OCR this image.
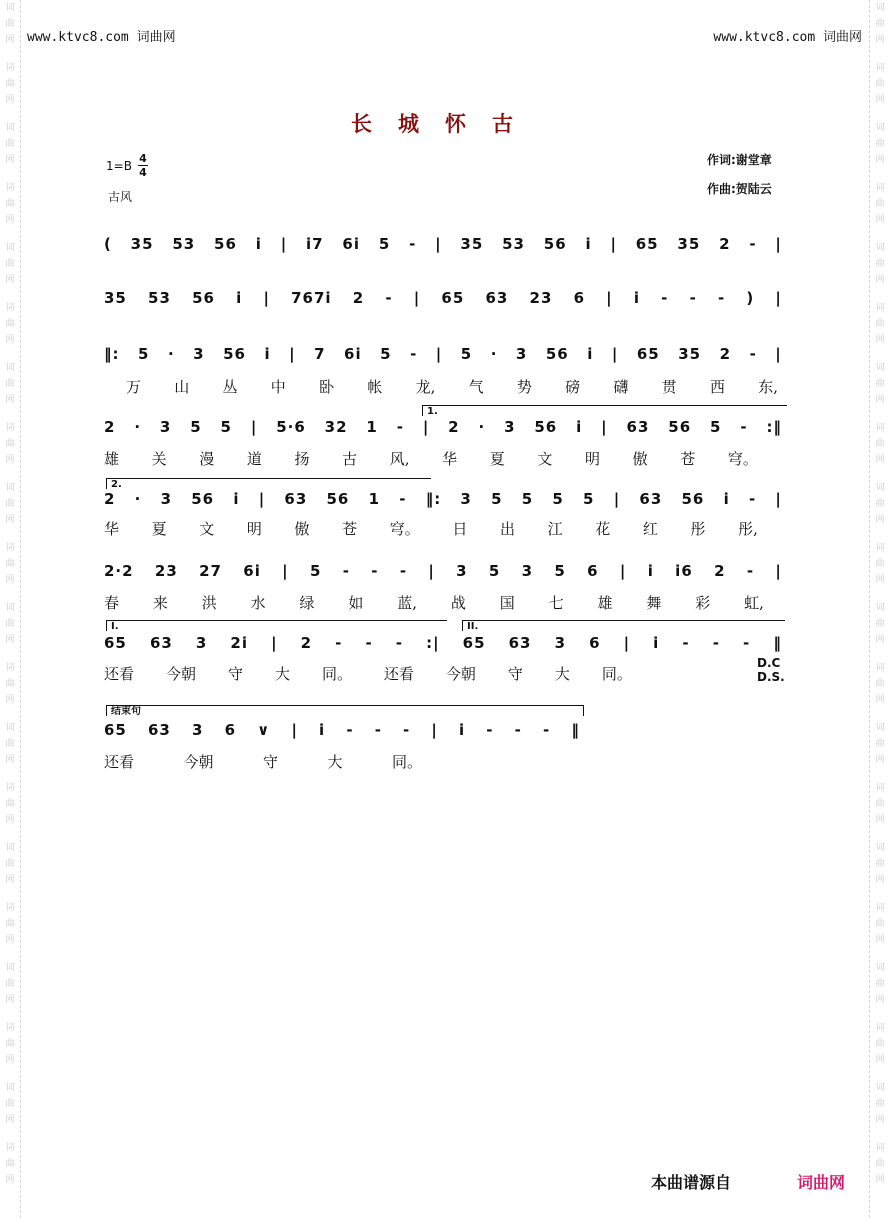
词
曲
网
词
曲
网
词
曲
网
词
曲
网
词
曲
网
词
曲
网
词
曲
网
词
曲
网
词
曲
网
词
曲
网
词
曲
网
词
曲
网
词
曲
网
词
曲
网
词
曲
网
词
曲
网
词
曲
网
词
曲
网
词
曲
网
词
曲
网
词
曲
网
词
曲
网
词
曲
网
词
曲
网
词
曲
网
词
曲
网
词
曲
网
词
曲
网
词
曲
网
词
曲
网
词
曲
网
词
曲
网
词
曲
网
词
曲
网
词
曲
网
词
曲
网
词
曲
网
词
曲
网
词
曲
网
词
曲
网
www.ktvc8.com 词曲网	www.ktvc8.com 词曲网
长城怀古
$1=B \frac{4}{4}$
古风
作词:谢堂章
作曲:贺陆云
1.
2.
I.	II.
结束句
D.C
D.S.
( 35 53 56 i | i7 6i 5 - | 35 53 56 i | 65 35 2 - |
35 53 56 i | 767i 2 - | 65 63 23 6 | i - - - ) |
‖: 5 · 3 56 i | 7 6i 5 - | 5 · 3 56 i | 65 35 2 - |
万 山 丛 中 卧 帐 龙, 气 势 磅 礴 贯 西 东,
2 · 3 5 5 | 5·6 32 1 - | 2 · 3 56 i | 63 56 5 - :‖
雄 关 漫 道 扬 古 风, 华 夏 文 明 傲 苍 穹。
2 · 3 56 i | 63 56 1 - ‖: 3 5 5 5 5 | 63 56 i - |
华 夏 文 明 傲 苍 穹。 日 出 江 花 红 彤 彤,
2·2 23 27 6i | 5 - - - | 3 5 3 5 6 | i i6 2 - |
春 来 洪 水 绿 如 蓝, 战 国 七 雄 舞 彩 虹,
65 63 3 2i | 2 - - - :| 65 63 3 6 | i - - - ‖
还看 今朝 守 大 同。 还看 今朝 守 大 同。
65 63 3 6 ∨ | i - - - | i - - - ‖
还看	今朝	守	大	同。
本曲谱源自	词曲网
